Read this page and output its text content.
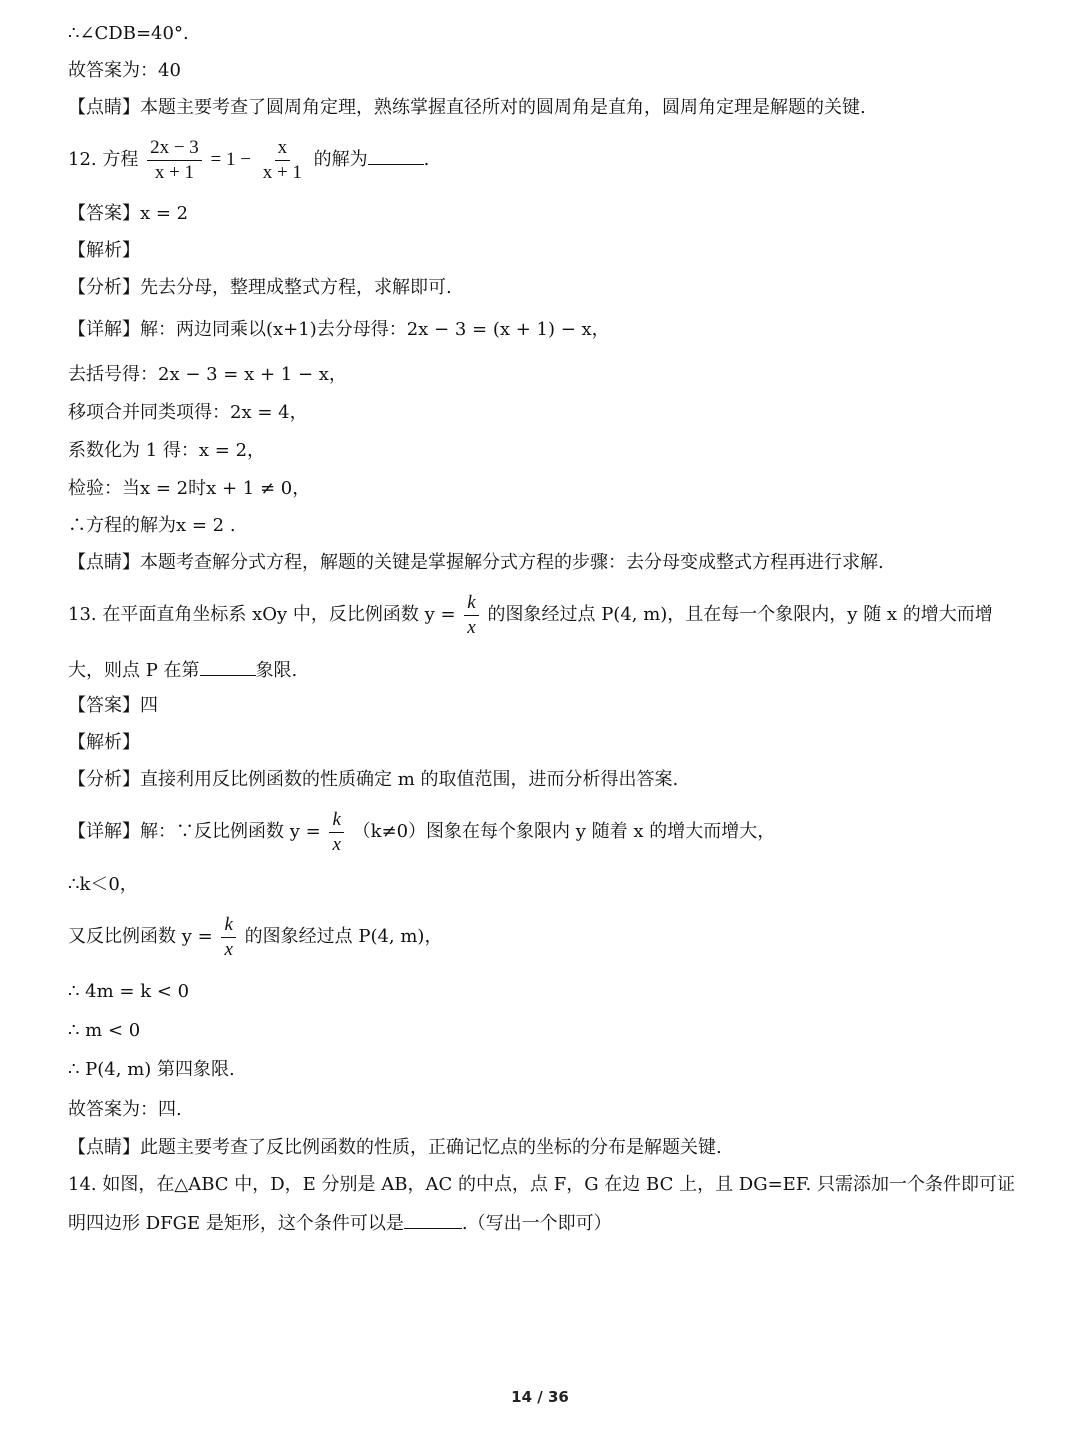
∴∠CDB=40°.
故答案为：40
【点睛】本题主要考查了圆周角定理，熟练掌握直径所对的圆周角是直角，圆周角定理是解题的关键.
12. 方程 $\frac{2x - 3}{x + 1} = 1 - \frac{x}{x + 1}$ 的解为	.
【答案】x = 2
【解析】
【分析】先去分母，整理成整式方程，求解即可.
【详解】解：两边同乘以(x+1)去分母得：2x − 3 = (x + 1) − x，
去括号得：2x − 3 = x + 1 − x，
移项合并同类项得：2x = 4，
系数化为 1 得：x = 2，
检验：当x = 2时x + 1 ≠ 0，
∴方程的解为x = 2 .
【点睛】本题考查解分式方程，解题的关键是掌握解分式方程的步骤：去分母变成整式方程再进行求解.
13. 在平面直角坐标系 xOy 中，反比例函数 $y = \frac{k}{x}$ 的图象经过点 P(4, m)，且在每一个象限内，y 随 x 的增大而增
大，则点 P 在第	象限.
【答案】四
【解析】
【分析】直接利用反比例函数的性质确定 m 的取值范围，进而分析得出答案.
【详解】解：∵反比例函数 $y = \frac{k}{x} (k\ne 0)$图象在每个象限内 y 随着 x 的增大而增大，
∴k＜0，
又反比例函数 $y = \frac{k}{x}$ 的图象经过点 P(4, m)，
∴ 4m = k < 0
∴ m < 0
∴ P(4, m) 第四象限.
故答案为：四.
【点睛】此题主要考查了反比例函数的性质，正确记忆点的坐标的分布是解题关键.
14. 如图，在△ABC 中，D，E 分别是 AB，AC 的中点，点 F，G 在边 BC 上，且 DG=EF. 只需添加一个条件即可证
明四边形 DFGE 是矩形，这个条件可以是	.（写出一个即可）
14 / 36
